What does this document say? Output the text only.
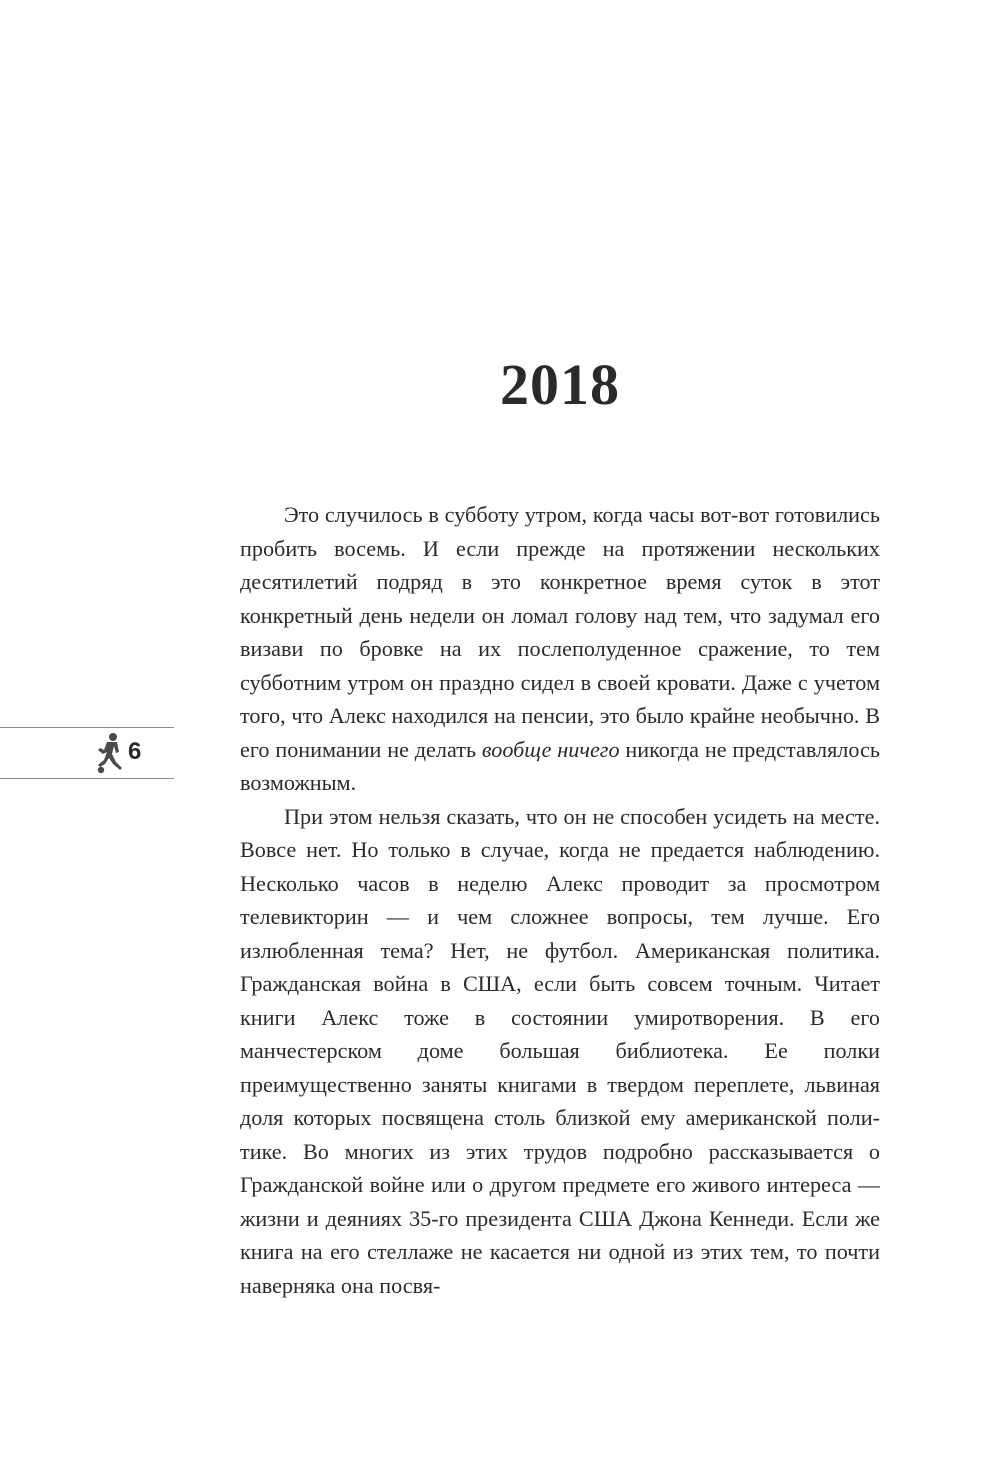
2018
6

Это случилось в субботу утром, когда часы вот-вот готовились пробить восемь. И если прежде на протяжении нескольких десятилетий подряд в это конкретное время суток в этот конкретный день недели он ломал голову над тем, что задумал его визави по бровке на их послеполуденное сражение, то тем субботним утром он праздно сидел в своей кровати. Даже с учетом того, что Алекс находился на пенсии, это было крайне необычно. В его понимании не делать вообще ничего никогда не представлялось возможным.

При этом нельзя сказать, что он не способен усидеть на месте. Вовсе нет. Но только в случае, когда не предается наблюдению. Несколько часов в неделю Алекс проводит за просмотром телевикторин — и чем сложнее вопросы, тем лучше. Его излюбленная тема? Нет, не футбол. Американская политика. Гражданская война в США, если быть совсем точным. Читает книги Алекс тоже в состоянии умиротворения. В его манчестерском доме большая библиотека. Ее полки преимущественно заняты книгами в твердом переплете, львиная доля которых посвящена столь близкой ему американской политике. Во многих из этих трудов подробно рассказывается о Гражданской войне или о другом предмете его живого интереса — жизни и деяниях 35-го президента США Джона Кеннеди. Если же книга на его стеллаже не касается ни одной из этих тем, то почти наверняка она посвя-
